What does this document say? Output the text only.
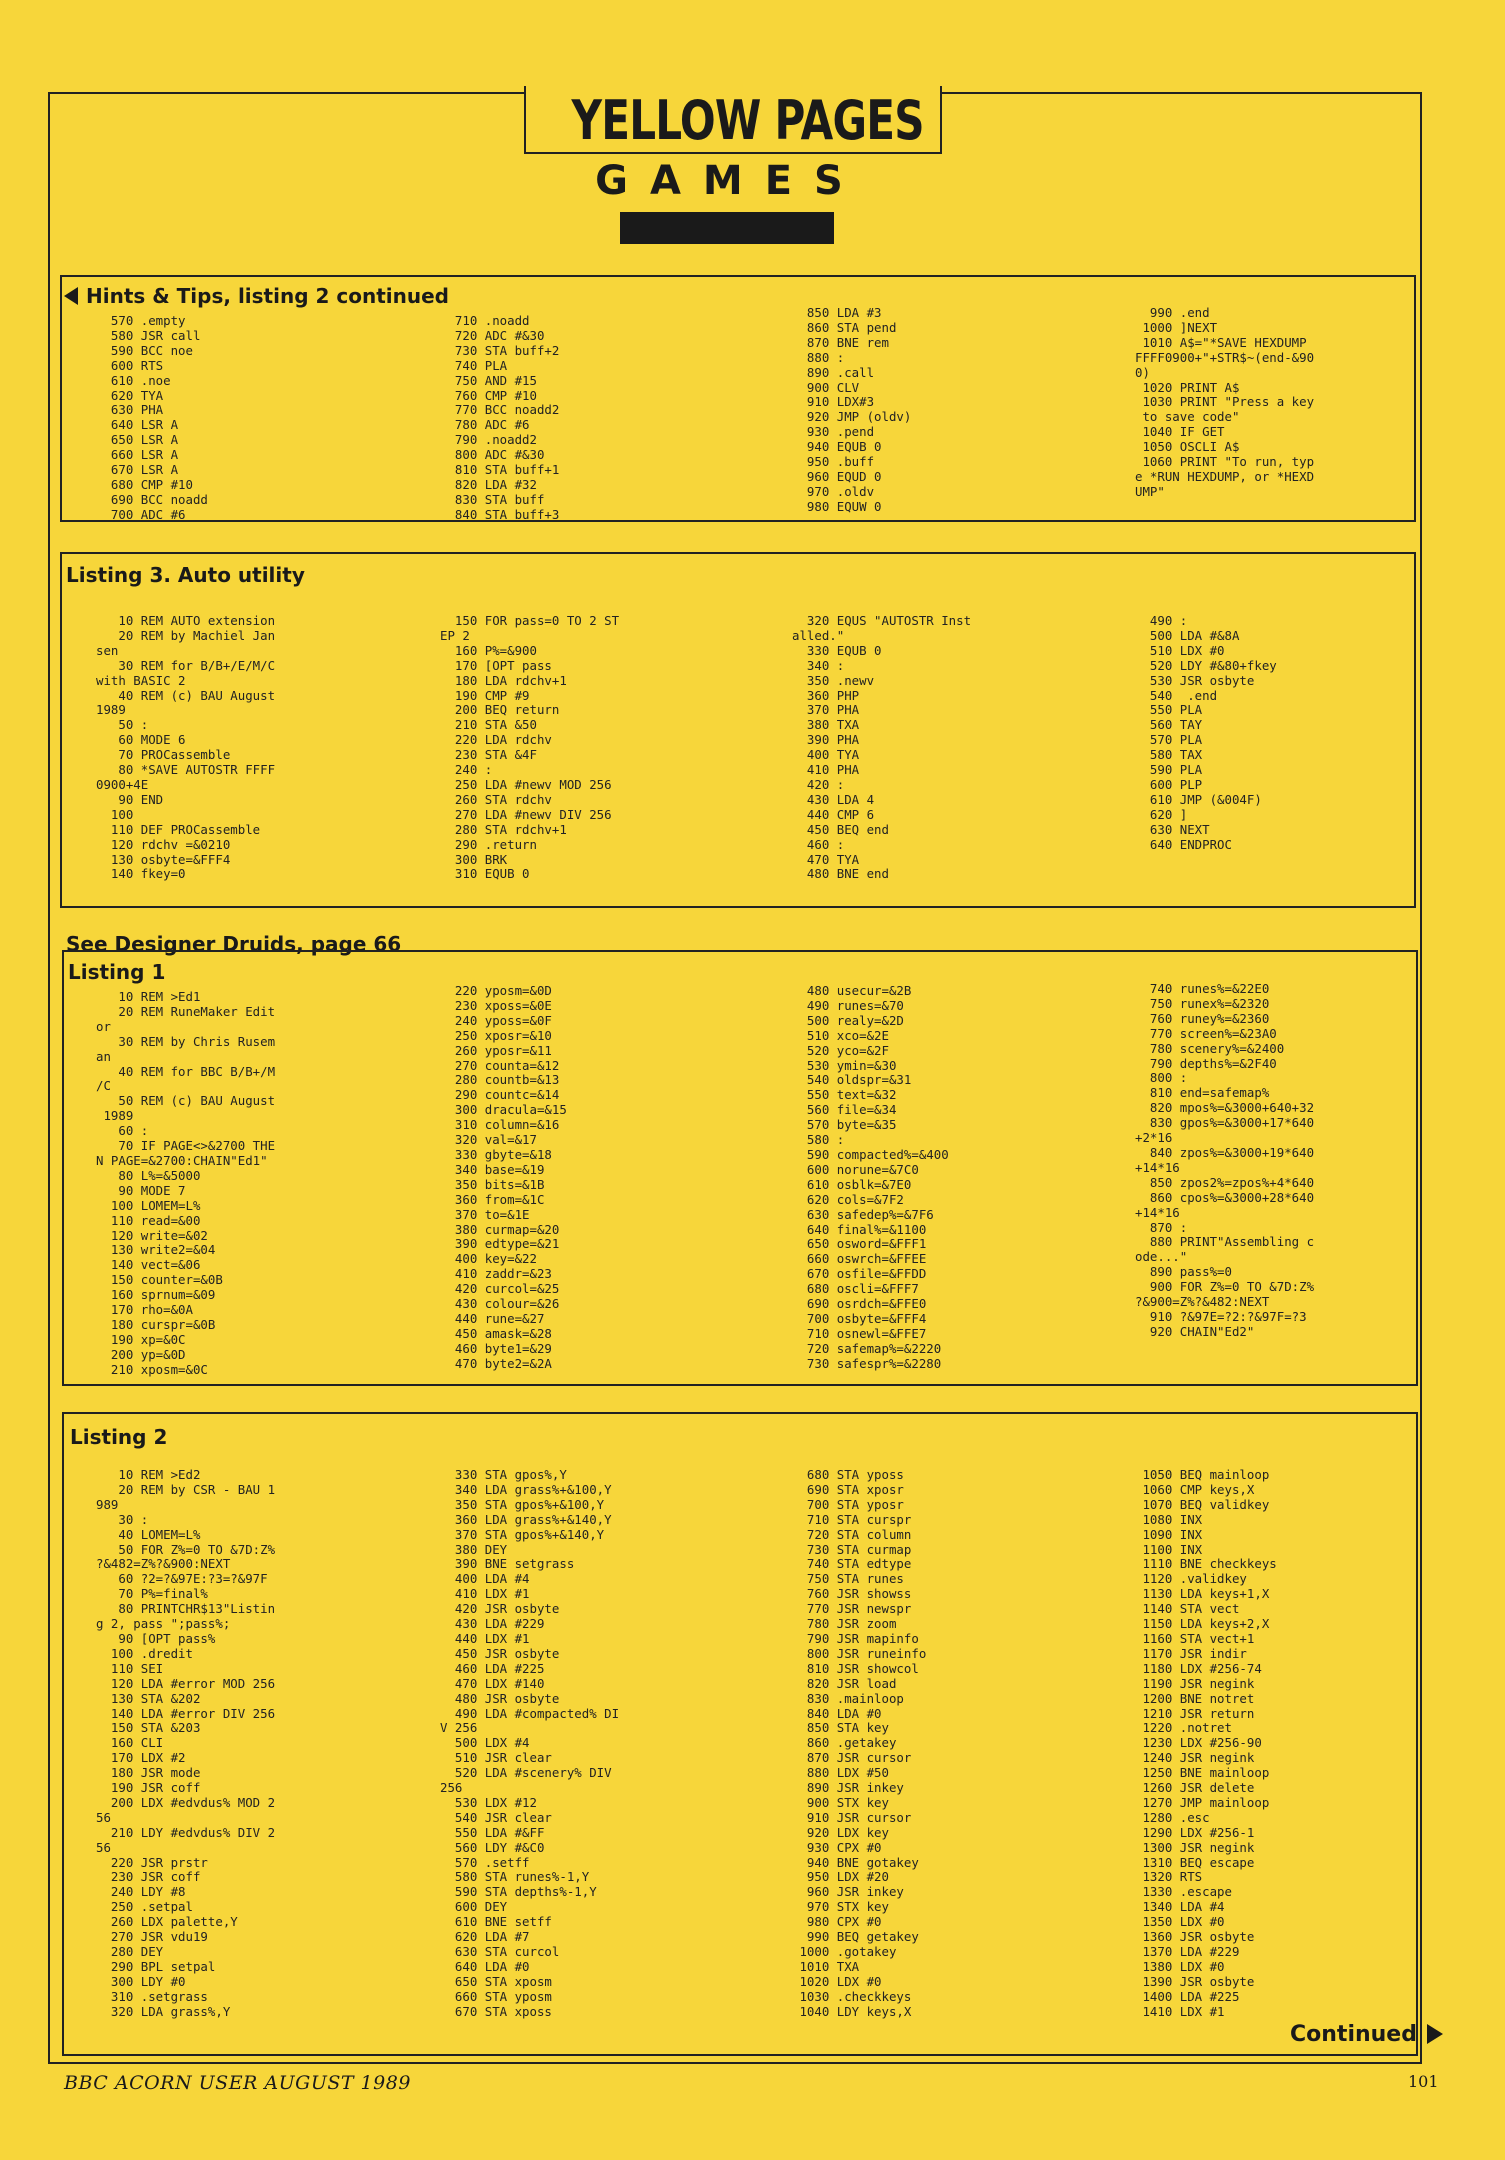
YELLOW PAGES
GAMES
Hints & Tips, listing 2 continued
570 .empty
580 JSR call
590 BCC noe
600 RTS
610 .noe
620 TYA
630 PHA
640 LSR A
650 LSR A
660 LSR A
670 LSR A
680 CMP #10
690 BCC noadd
700 ADC #6
710 .noadd
720 ADC #&30
730 STA buff+2
740 PLA
750 AND #15
760 CMP #10
770 BCC noadd2
780 ADC #6
790 .noadd2
800 ADC #&30
810 STA buff+1
820 LDA #32
830 STA buff
840 STA buff+3
850 LDA #3
860 STA pend
870 BNE rem
880 :
890 .call
900 CLV
910 LDX#3
920 JMP (oldv)
930 .pend
940 EQUB 0
950 .buff
960 EQUD 0
970 .oldv
980 EQUW 0
990 .end
1000 ]NEXT
1010 A$="*SAVE HEXDUMP
FFFF0900+"+STR$~(end-&90
0)
1020 PRINT A$
1030 PRINT "Press a key
to save code"
1040 IF GET
1050 OSCLI A$
1060 PRINT "To run, typ
e *RUN HEXDUMP, or *HEXD
UMP"
Listing 3. Auto utility
10 REM AUTO extension
20 REM by Machiel Jan
sen
30 REM for B/B+/E/M/C
with BASIC 2
40 REM (c) BAU August
1989
50 :
60 MODE 6
70 PROCassemble
80 *SAVE AUTOSTR FFFF
0900+4E
90 END
100
110 DEF PROCassemble
120 rdchv =&0210
130 osbyte=&FFF4
140 fkey=0
150 FOR pass=0 TO 2 ST
EP 2
160 P%=&900
170 [OPT pass
180 LDA rdchv+1
190 CMP #9
200 BEQ return
210 STA &50
220 LDA rdchv
230 STA &4F
240 :
250 LDA #newv MOD 256
260 STA rdchv
270 LDA #newv DIV 256
280 STA rdchv+1
290 .return
300 BRK
310 EQUB 0
320 EQUS "AUTOSTR Inst
alled."
330 EQUB 0
340 :
350 .newv
360 PHP
370 PHA
380 TXA
390 PHA
400 TYA
410 PHA
420 :
430 LDA 4
440 CMP 6
450 BEQ end
460 :
470 TYA
480 BNE end
490 :
500 LDA #&8A
510 LDX #0
520 LDY #&80+fkey
530 JSR osbyte
540  .end
550 PLA
560 TAY
570 PLA
580 TAX
590 PLA
600 PLP
610 JMP (&004F)
620 ]
630 NEXT
640 ENDPROC
See Designer Druids, page 66
Listing 1
10 REM >Ed1
20 REM RuneMaker Edit
or
30 REM by Chris Rusem
an
40 REM for BBC B/B+/M
/C
50 REM (c) BAU August
1989
60 :
70 IF PAGE<>&2700 THE
N PAGE=&2700:CHAIN"Ed1"
80 L%=&5000
90 MODE 7
100 LOMEM=L%
110 read=&00
120 write=&02
130 write2=&04
140 vect=&06
150 counter=&0B
160 sprnum=&09
170 rho=&0A
180 curspr=&0B
190 xp=&0C
200 yp=&0D
210 xposm=&0C
220 yposm=&0D
230 xposs=&0E
240 yposs=&0F
250 xposr=&10
260 yposr=&11
270 counta=&12
280 countb=&13
290 countc=&14
300 dracula=&15
310 column=&16
320 val=&17
330 gbyte=&18
340 base=&19
350 bits=&1B
360 from=&1C
370 to=&1E
380 curmap=&20
390 edtype=&21
400 key=&22
410 zaddr=&23
420 curcol=&25
430 colour=&26
440 rune=&27
450 amask=&28
460 byte1=&29
470 byte2=&2A
480 usecur=&2B
490 runes=&70
500 realy=&2D
510 xco=&2E
520 yco=&2F
530 ymin=&30
540 oldspr=&31
550 text=&32
560 file=&34
570 byte=&35
580 :
590 compacted%=&400
600 norune=&7C0
610 osblk=&7E0
620 cols=&7F2
630 safedep%=&7F6
640 final%=&1100
650 osword=&FFF1
660 oswrch=&FFEE
670 osfile=&FFDD
680 oscli=&FFF7
690 osrdch=&FFE0
700 osbyte=&FFF4
710 osnewl=&FFE7
720 safemap%=&2220
730 safespr%=&2280
740 runes%=&22E0
750 runex%=&2320
760 runey%=&2360
770 screen%=&23A0
780 scenery%=&2400
790 depths%=&2F40
800 :
810 end=safemap%
820 mpos%=&3000+640+32
830 gpos%=&3000+17*640
+2*16
840 zpos%=&3000+19*640
+14*16
850 zpos2%=zpos%+4*640
860 cpos%=&3000+28*640
+14*16
870 :
880 PRINT"Assembling c
ode..."
890 pass%=0
900 FOR Z%=0 TO &7D:Z%
?&900=Z%?&482:NEXT
910 ?&97E=?2:?&97F=?3
920 CHAIN"Ed2"
Listing 2
10 REM >Ed2
20 REM by CSR - BAU 1
989
30 :
40 LOMEM=L%
50 FOR Z%=0 TO &7D:Z%
?&482=Z%?&900:NEXT
60 ?2=?&97E:?3=?&97F
70 P%=final%
80 PRINTCHR$13"Listin
g 2, pass ";pass%;
90 [OPT pass%
100 .dredit
110 SEI
120 LDA #error MOD 256
130 STA &202
140 LDA #error DIV 256
150 STA &203
160 CLI
170 LDX #2
180 JSR mode
190 JSR coff
200 LDX #edvdus% MOD 2
56
210 LDY #edvdus% DIV 2
56
220 JSR prstr
230 JSR coff
240 LDY #8
250 .setpal
260 LDX palette,Y
270 JSR vdu19
280 DEY
290 BPL setpal
300 LDY #0
310 .setgrass
320 LDA grass%,Y
330 STA gpos%,Y
340 LDA grass%+&100,Y
350 STA gpos%+&100,Y
360 LDA grass%+&140,Y
370 STA gpos%+&140,Y
380 DEY
390 BNE setgrass
400 LDA #4
410 LDX #1
420 JSR osbyte
430 LDA #229
440 LDX #1
450 JSR osbyte
460 LDA #225
470 LDX #140
480 JSR osbyte
490 LDA #compacted% DI
V 256
500 LDX #4
510 JSR clear
520 LDA #scenery% DIV
256
530 LDX #12
540 JSR clear
550 LDA #&FF
560 LDY #&C0
570 .setff
580 STA runes%-1,Y
590 STA depths%-1,Y
600 DEY
610 BNE setff
620 LDA #7
630 STA curcol
640 LDA #0
650 STA xposm
660 STA yposm
670 STA xposs
680 STA yposs
690 STA xposr
700 STA yposr
710 STA curspr
720 STA column
730 STA curmap
740 STA edtype
750 STA runes
760 JSR showss
770 JSR newspr
780 JSR zoom
790 JSR mapinfo
800 JSR runeinfo
810 JSR showcol
820 JSR load
830 .mainloop
840 LDA #0
850 STA key
860 .getakey
870 JSR cursor
880 LDX #50
890 JSR inkey
900 STX key
910 JSR cursor
920 LDX key
930 CPX #0
940 BNE gotakey
950 LDX #20
960 JSR inkey
970 STX key
980 CPX #0
990 BEQ getakey
1000 .gotakey
1010 TXA
1020 LDX #0
1030 .checkkeys
1040 LDY keys,X
1050 BEQ mainloop
1060 CMP keys,X
1070 BEQ validkey
1080 INX
1090 INX
1100 INX
1110 BNE checkkeys
1120 .validkey
1130 LDA keys+1,X
1140 STA vect
1150 LDA keys+2,X
1160 STA vect+1
1170 JSR indir
1180 LDX #256-74
1190 JSR negink
1200 BNE notret
1210 JSR return
1220 .notret
1230 LDX #256-90
1240 JSR negink
1250 BNE mainloop
1260 JSR delete
1270 JMP mainloop
1280 .esc
1290 LDX #256-1
1300 JSR negink
1310 BEQ escape
1320 RTS
1330 .escape
1340 LDA #4
1350 LDX #0
1360 JSR osbyte
1370 LDA #229
1380 LDX #0
1390 JSR osbyte
1400 LDA #225
1410 LDX #1
Continued
BBC ACORN USER AUGUST 1989	101
